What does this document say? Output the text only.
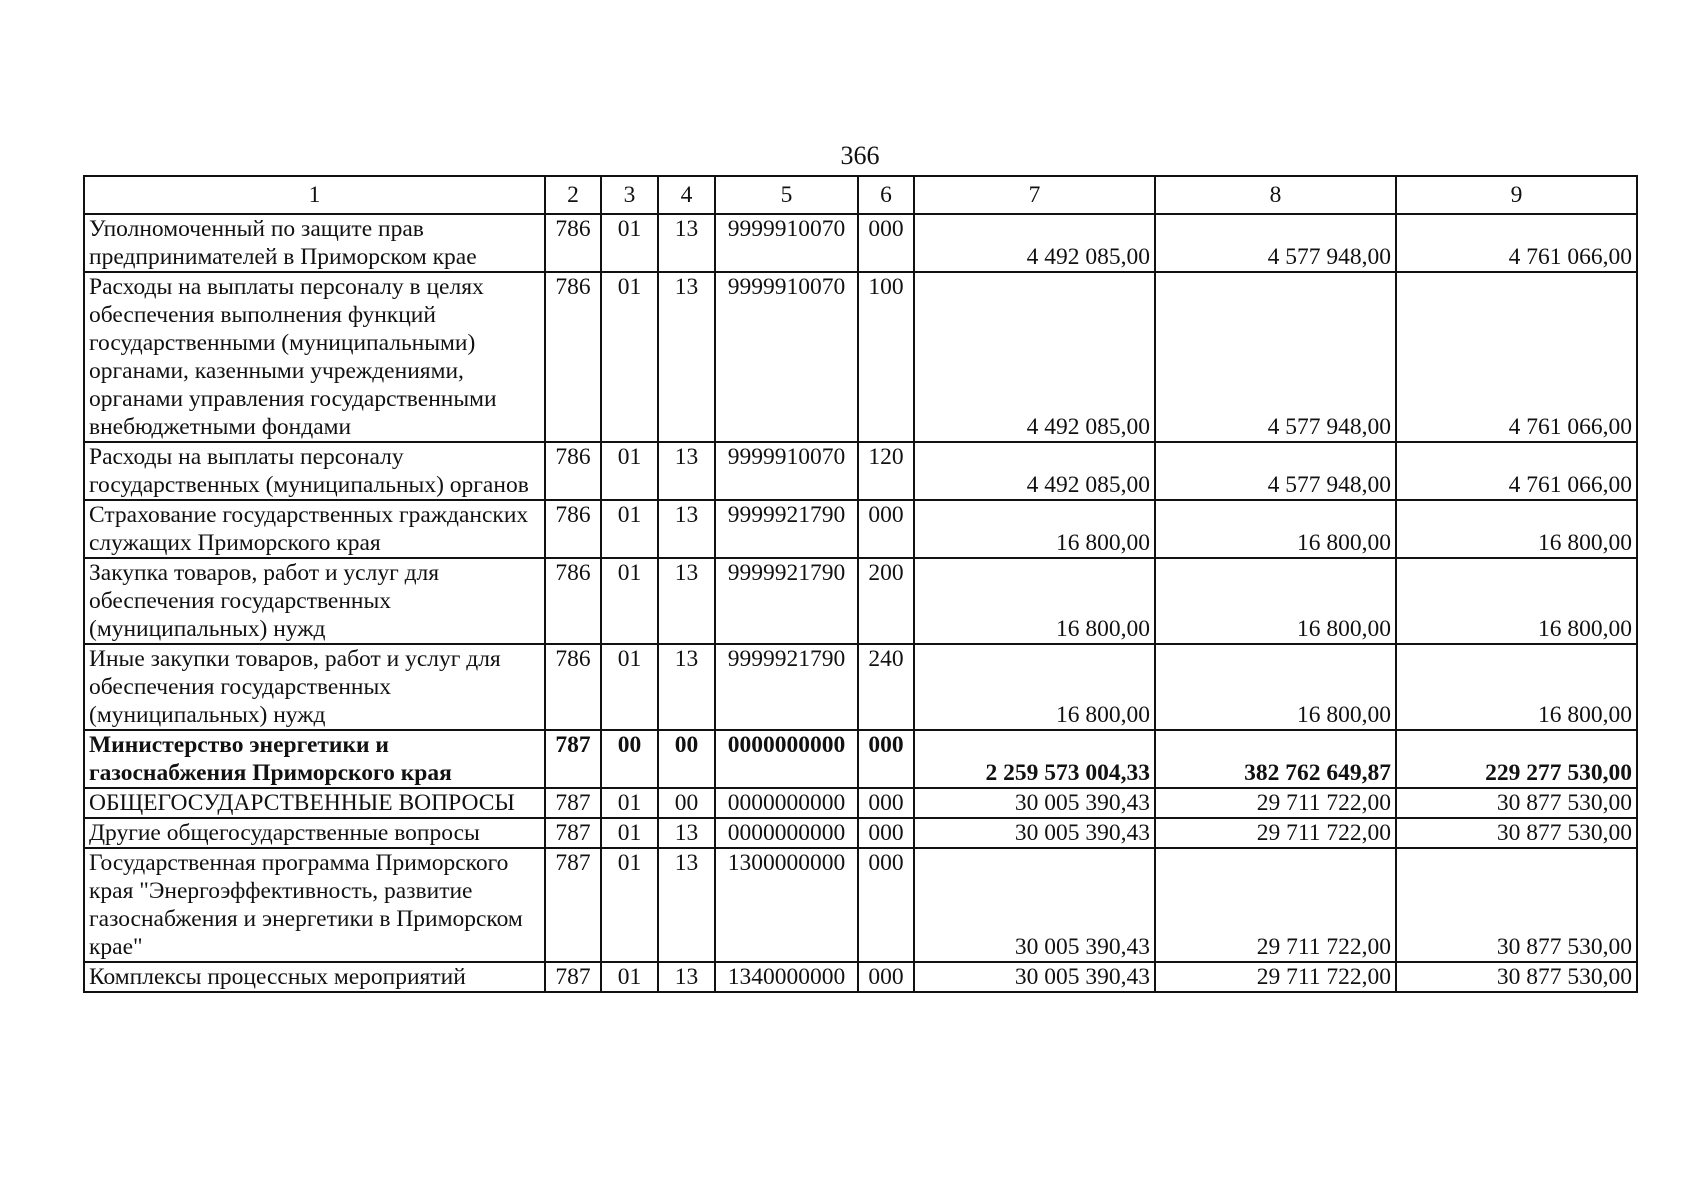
366
1	2	3	4	5	6	7	8	9
Уполномоченный по защите прав предпринимателей в Приморском крае	786	01	13	9999910070	000	4 492 085,00	4 577 948,00	4 761 066,00
Расходы на выплаты персоналу в целях обеспечения выполнения функций государственными (муниципальными) органами, казенными учреждениями, органами управления государственными внебюджетными фондами	786	01	13	9999910070	100	4 492 085,00	4 577 948,00	4 761 066,00
Расходы на выплаты персоналу государственных (муниципальных) органов	786	01	13	9999910070	120	4 492 085,00	4 577 948,00	4 761 066,00
Страхование государственных гражданских служащих Приморского края	786	01	13	9999921790	000	16 800,00	16 800,00	16 800,00
Закупка товаров, работ и услуг для обеспечения государственных (муниципальных) нужд	786	01	13	9999921790	200	16 800,00	16 800,00	16 800,00
Иные закупки товаров, работ и услуг для обеспечения государственных (муниципальных) нужд	786	01	13	9999921790	240	16 800,00	16 800,00	16 800,00
Министерство энергетики и газоснабжения Приморского края	787	00	00	0000000000	000	2 259 573 004,33	382 762 649,87	229 277 530,00
ОБЩЕГОСУДАРСТВЕННЫЕ ВОПРОСЫ	787	01	00	0000000000	000	30 005 390,43	29 711 722,00	30 877 530,00
Другие общегосударственные вопросы	787	01	13	0000000000	000	30 005 390,43	29 711 722,00	30 877 530,00
Государственная программа Приморского края "Энергоэффективность, развитие газоснабжения и энергетики в Приморском крае"	787	01	13	1300000000	000	30 005 390,43	29 711 722,00	30 877 530,00
Комплексы процессных мероприятий	787	01	13	1340000000	000	30 005 390,43	29 711 722,00	30 877 530,00
